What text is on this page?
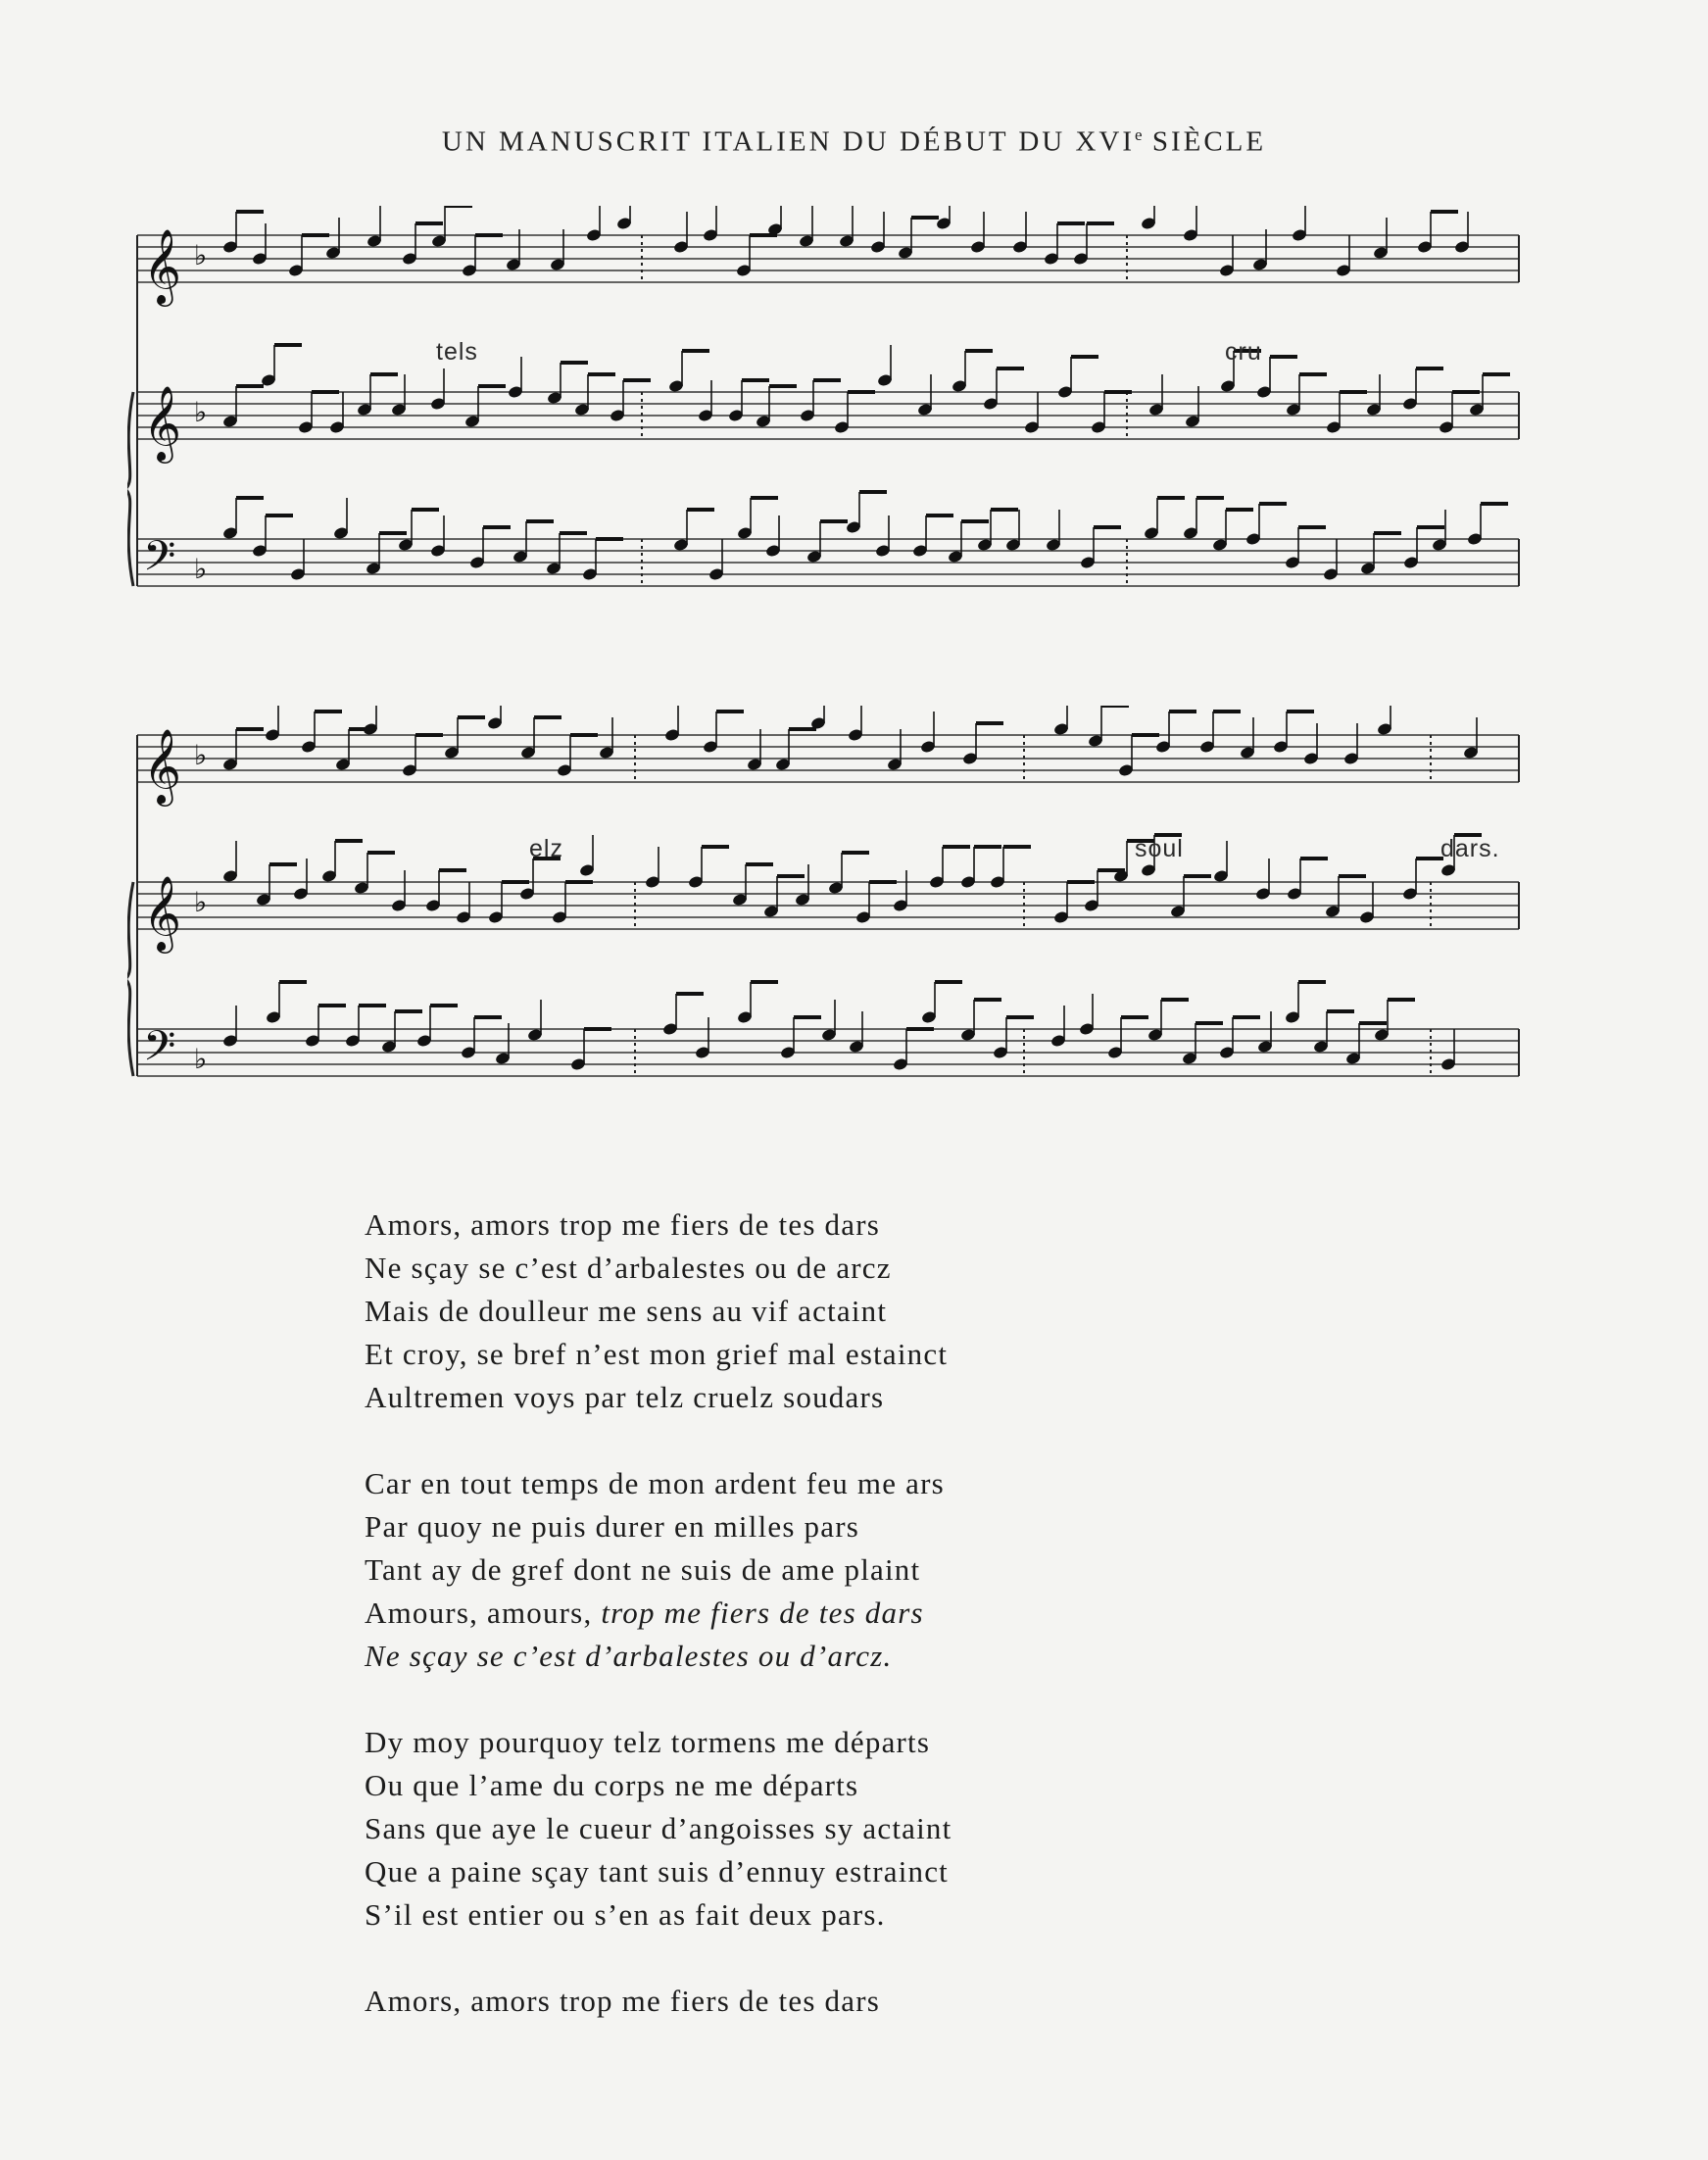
UN MANUSCRIT ITALIEN DU DÉBUT DU XVIe SIÈCLE
𝄞 ♭
𝄞 ♭
𝄢 ♭
tels	cru
𝄞 ♭
𝄞 ♭
𝄢 ♭
elz	soul	dars.
Amors, amors trop me fiers de tes dars
Ne sçay se c’est d’arbalestes ou de arcz
Mais de doulleur me sens au vif actaint
Et croy, se bref n’est mon grief mal estainct
Aultremen voys par telz cruelz soudars
Car en tout temps de mon ardent feu me ars
Par quoy ne puis durer en milles pars
Tant ay de gref dont ne suis de ame plaint
Amours, amours, trop me fiers de tes dars
Ne sçay se c’est d’arbalestes ou d’arcz.
Dy moy pourquoy telz tormens me départs
Ou que l’ame du corps ne me départs
Sans que aye le cueur d’angoisses sy actaint
Que a paine sçay tant suis d’ennuy estrainct
S’il est entier ou s’en as fait deux pars.
Amors, amors trop me fiers de tes dars
